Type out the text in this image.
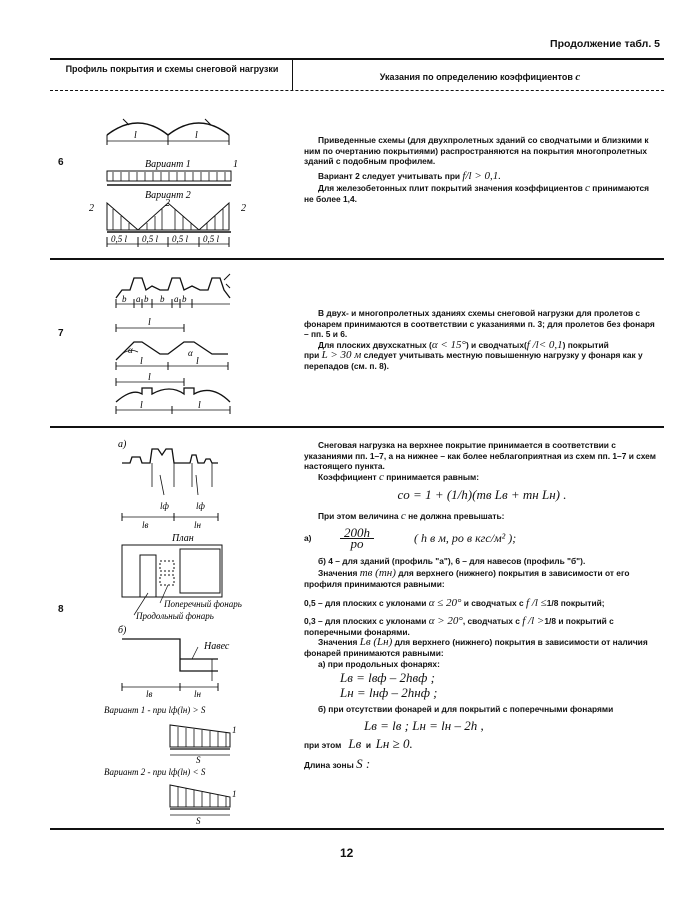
Продолжение табл. 5
Профиль покрытия и схемы снеговой нагрузки
Указания по определению коэффициентов c
6
l	l
Вариант 1	1
Вариант 2
2	2	2
0,5 l 0,5 l 0,5 l 0,5 l

Приведенные схемы (для двухпролетных зданий со сводчатыми и близкими к ним по очертанию покрытиями) распространяются на покрытия многопролетных зданий с подобным профилем.

Вариант 2 следует учитывать при f/l > 0,1.

Для железобетонных плит покрытий значения коэффициентов c принимаются не более 1,4.

7
b a b b a b
l
α	α
l	l
l
l	l

В двух- и многопролетных зданиях схемы снеговой нагрузки для пролетов с фонарем принимаются в соответствии с указаниями п. 3; для пролетов без фонаря – пп. 5 и 6.

Для плоских двухскатных (α < 15°) и сводчатых(f /l< 0,1) покрытий

при L > 30 м следует учитывать местную повышенную нагрузку у фонаря как у перепадов (см. п. 8).

8
а)
lф	lф
lв	lн
План
Поперечный фонарь
Продольный фонарь
б)
Навес
lв	lн
Вариант 1 - при lф(lн) > S
S
1
Вариант 2 - при lф(lн) < S
S
1

Снеговая нагрузка на верхнее покрытие принимается в соответствии с указаниями пп. 1–7, а на нижнее – как более неблагоприятная из схем пп. 1–7 и схем настоящего пункта.

Коэффициент c принимается равным:

cо = 1 + (1/h)(mв Lв + mн Lн) .

При этом величина c не должна превышать:

а)	200h
pо	( h в м, pо в кгс/м² );

б) 4 – для зданий (профиль "а"), 6 – для навесов (профиль "б").

Значения mв (mн) для верхнего (нижнего) покрытия в зависимости от его профиля принимаются равными:

0,5 – для плоских с уклонами α ≤ 20° и сводчатых с f /l ≤1/8 покрытий;

0,3 – для плоских с уклонами α > 20°, сводчатых с f /l >1/8 и покрытий с поперечными фонарями.

Значения Lв (Lн) для верхнего (нижнего) покрытия в зависимости от наличия фонарей принимаются равными:

а) при продольных фонарях:

Lв = lвф – 2hвф ;

Lн = lнф – 2hнф ;

б) при отсутствии фонарей и для покрытий с поперечными фонарями

Lв = lв ; Lн = lн – 2h ,

при этом Lв и Lн ≥ 0.

Длина зоны S :

12
